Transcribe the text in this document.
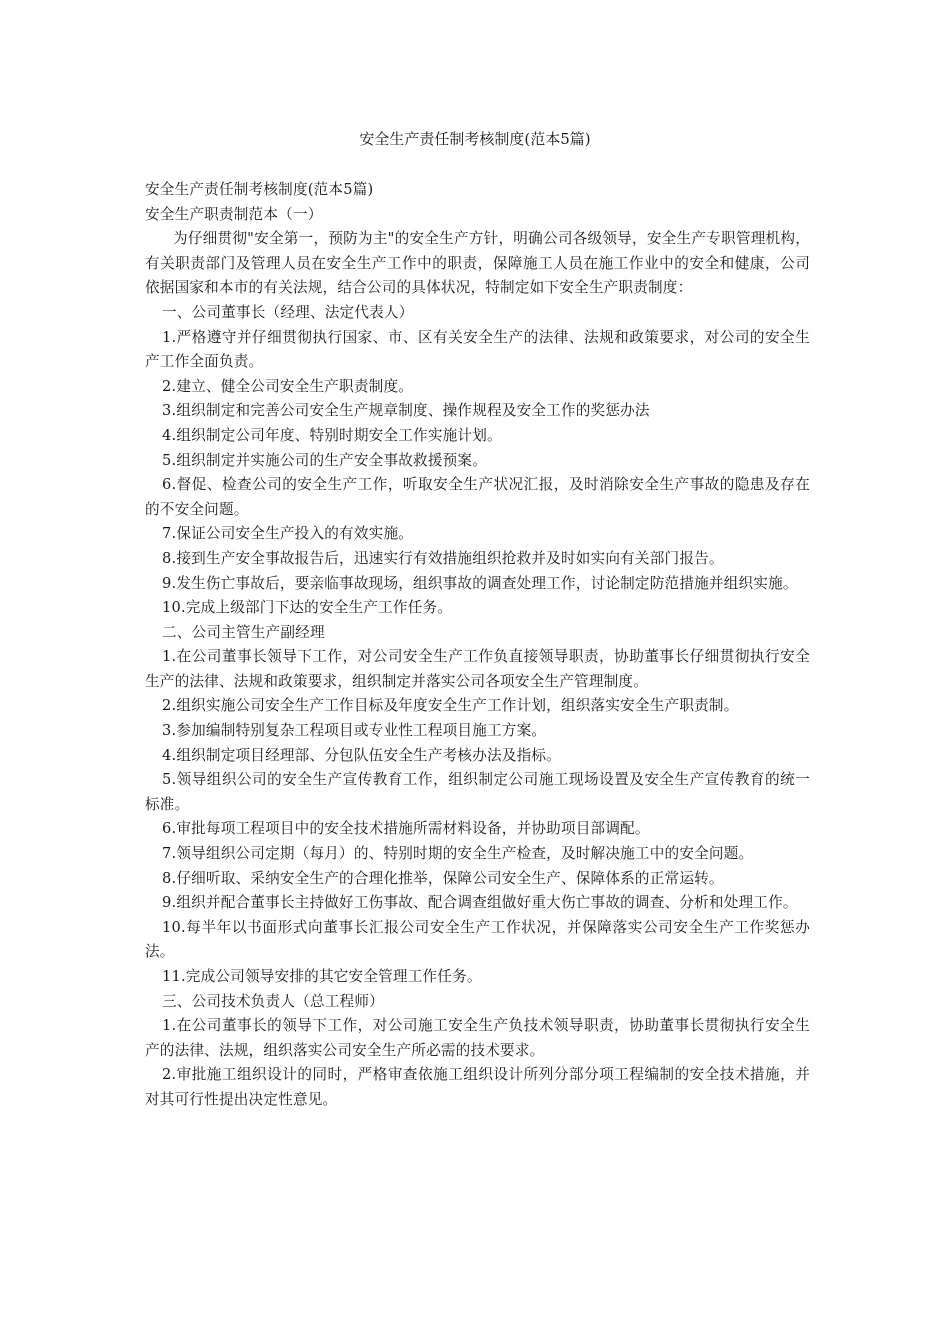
安全生产责任制考核制度(范本5篇)

安全生产责任制考核制度(范本5篇)

安全生产职责制范本（一）

为仔细贯彻"安全第一，预防为主"的安全生产方针，明确公司各级领导，安全生产专职管理机构，有关职责部门及管理人员在安全生产工作中的职责，保障施工人员在施工作业中的安全和健康，公司依据国家和本市的有关法规，结合公司的具体状况，特制定如下安全生产职责制度：

一、公司董事长（经理、法定代表人）

1.严格遵守并仔细贯彻执行国家、市、区有关安全生产的法律、法规和政策要求，对公司的安全生产工作全面负责。

2.建立、健全公司安全生产职责制度。

3.组织制定和完善公司安全生产规章制度、操作规程及安全工作的奖惩办法

4.组织制定公司年度、特别时期安全工作实施计划。

5.组织制定并实施公司的生产安全事故救援预案。

6.督促、检查公司的安全生产工作，听取安全生产状况汇报，及时消除安全生产事故的隐患及存在的不安全问题。

7.保证公司安全生产投入的有效实施。

8.接到生产安全事故报告后，迅速实行有效措施组织抢救并及时如实向有关部门报告。

9.发生伤亡事故后，要亲临事故现场，组织事故的调查处理工作，讨论制定防范措施并组织实施。

10.完成上级部门下达的安全生产工作任务。

二、公司主管生产副经理

1.在公司董事长领导下工作，对公司安全生产工作负直接领导职责，协助董事长仔细贯彻执行安全生产的法律、法规和政策要求，组织制定并落实公司各项安全生产管理制度。

2.组织实施公司安全生产工作目标及年度安全生产工作计划，组织落实安全生产职责制。

3.参加编制特别复杂工程项目或专业性工程项目施工方案。

4.组织制定项目经理部、分包队伍安全生产考核办法及指标。

5.领导组织公司的安全生产宣传教育工作，组织制定公司施工现场设置及安全生产宣传教育的统一标准。

6.审批每项工程项目中的安全技术措施所需材料设备，并协助项目部调配。

7.领导组织公司定期（每月）的、特别时期的安全生产检查，及时解决施工中的安全问题。

8.仔细听取、采纳安全生产的合理化推举，保障公司安全生产、保障体系的正常运转。

9.组织并配合董事长主持做好工伤事故、配合调查组做好重大伤亡事故的调查、分析和处理工作。

10.每半年以书面形式向董事长汇报公司安全生产工作状况，并保障落实公司安全生产工作奖惩办法。

11.完成公司领导安排的其它安全管理工作任务。

三、公司技术负责人（总工程师）

1.在公司董事长的领导下工作，对公司施工安全生产负技术领导职责，协助董事长贯彻执行安全生产的法律、法规，组织落实公司安全生产所必需的技术要求。

2.审批施工组织设计的同时，严格审查依施工组织设计所列分部分项工程编制的安全技术措施，并对其可行性提出决定性意见。
